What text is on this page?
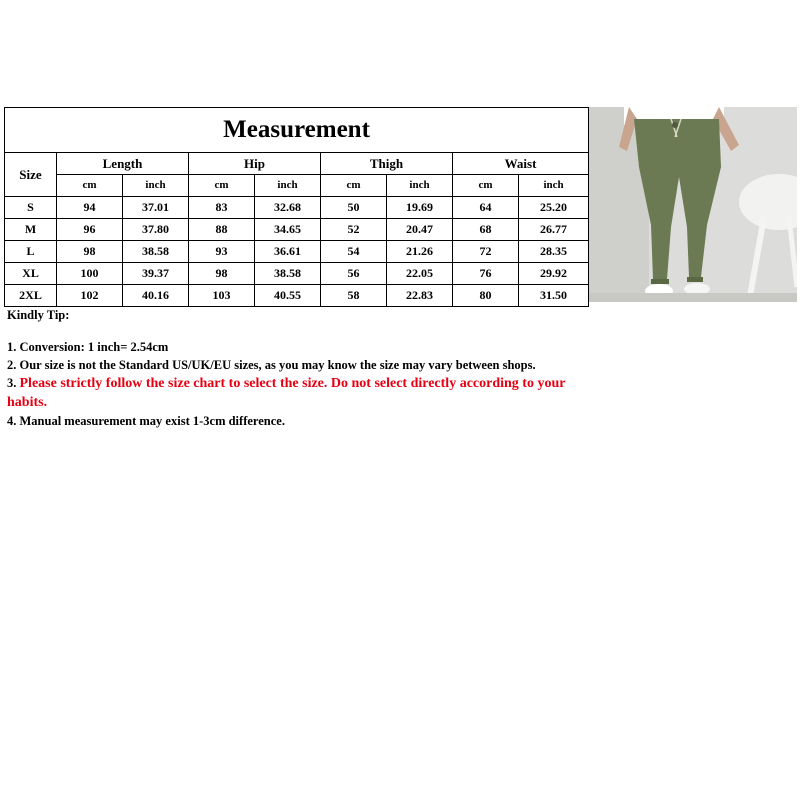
Measurement								
Size	Length		Hip		Thigh		Waist	
	cm	inch	cm	inch	cm	inch	cm	inch
S	94	37.01	83	32.68	50	19.69	64	25.20
M	96	37.80	88	34.65	52	20.47	68	26.77
L	98	38.58	93	36.61	54	21.26	72	28.35
XL	100	39.37	98	38.58	56	22.05	76	29.92
2XL	102	40.16	103	40.55	58	22.83	80	31.50
Kindly Tip:
1. Conversion: 1 inch= 2.54cm
2. Our size is not the Standard US/UK/EU sizes, as you may know the size may vary between shops.
3. Please strictly follow the size chart to select the size. Do not select directly according to your habits.
4. Manual measurement may exist 1-3cm difference.
